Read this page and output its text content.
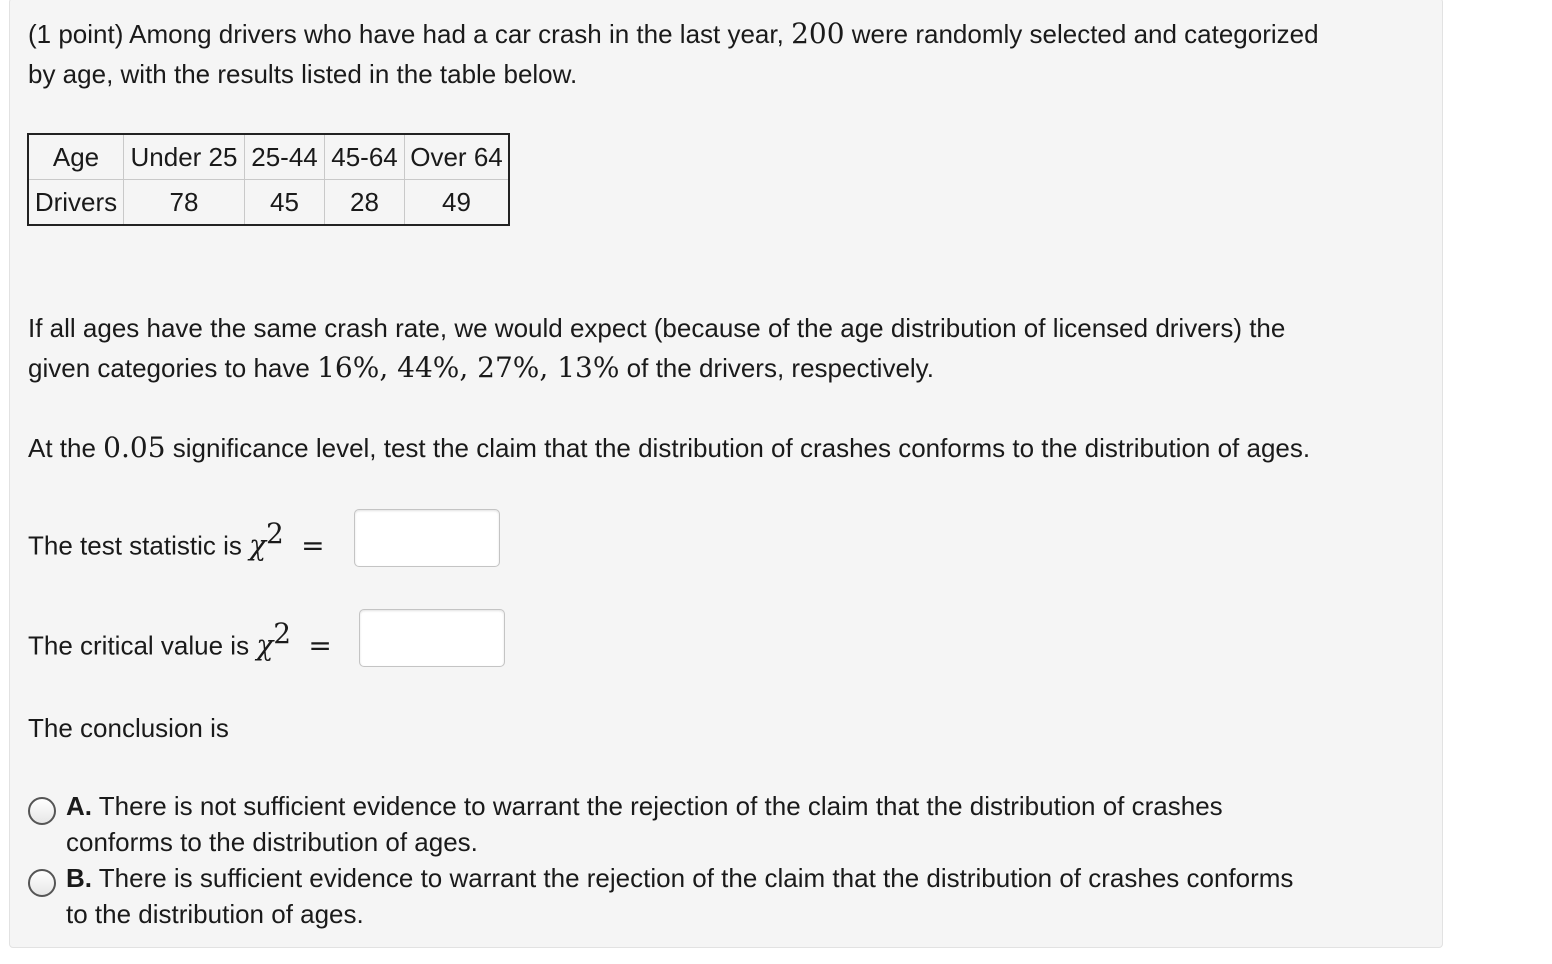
(1 point) Among drivers who have had a car crash in the last year, 200 were randomly selected and categorized
by age, with the results listed in the table below.
Age	Under 25	25-44	45-64	Over 64
Drivers	78	45	28	49
If all ages have the same crash rate, we would expect (because of the age distribution of licensed drivers) the
given categories to have 16%, 44%, 27%, 13% of the drivers, respectively.
At the 0.05 significance level, test the claim that the distribution of crashes conforms to the distribution of ages.
The test statistic is $\chi^2$ =
The critical value is $\chi^2$ =
The conclusion is
A. There is not sufficient evidence to warrant the rejection of the claim that the distribution of crashes
conforms to the distribution of ages.
B. There is sufficient evidence to warrant the rejection of the claim that the distribution of crashes conforms
to the distribution of ages.
